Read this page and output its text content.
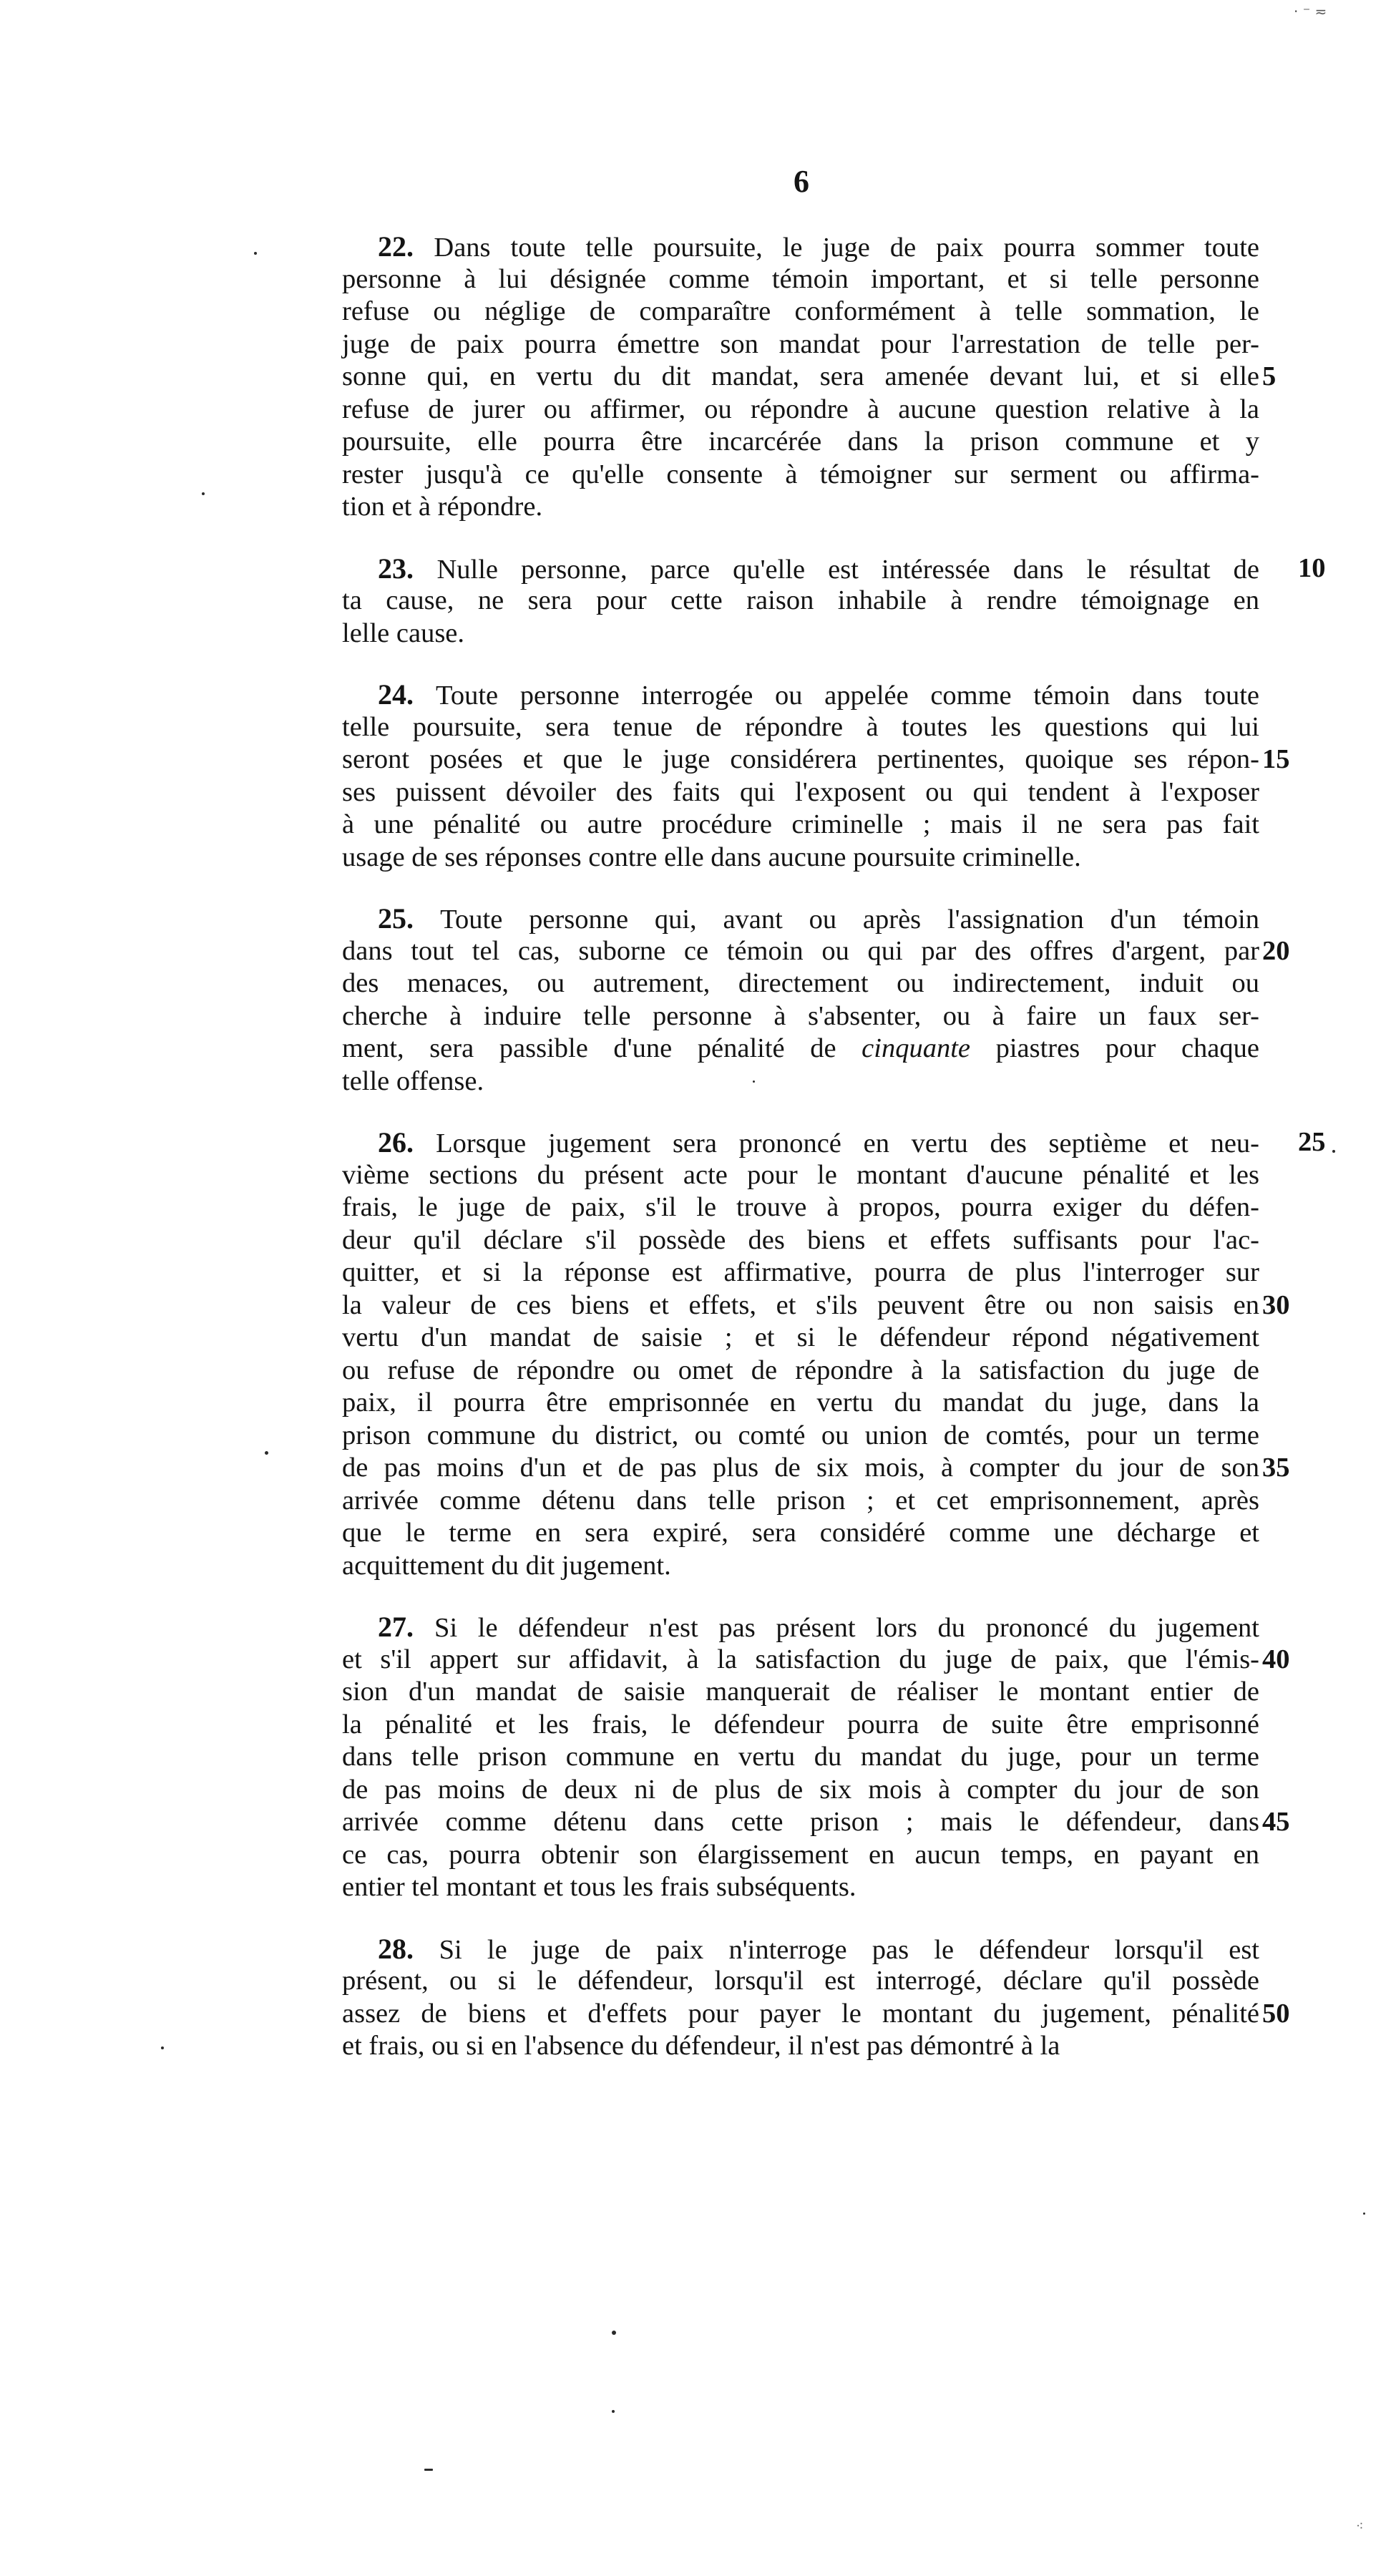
6
22. Dans toute telle poursuite, le juge de paix pourra sommer toute
personne à lui désignée comme témoin important, et si telle personne
refuse ou néglige de comparaître conformément à telle sommation, le
juge de paix pourra émettre son mandat pour l'arrestation de telle per-
sonne qui, en vertu du dit mandat, sera amenée devant lui, et si elle 5
refuse de jurer ou affirmer, ou répondre à aucune question relative à la
poursuite, elle pourra être incarcérée dans la prison commune et y
rester jusqu'à ce qu'elle consente à témoigner sur serment ou affirma-
tion et à répondre.
23. Nulle personne, parce qu'elle est intéressée dans le résultat de	10
ta cause, ne sera pour cette raison inhabile à rendre témoignage en
lelle cause.
24. Toute personne interrogée ou appelée comme témoin dans toute
telle poursuite, sera tenue de répondre à toutes les questions qui lui
seront posées et que le juge considérera pertinentes, quoique ses répon- 15
ses puissent dévoiler des faits qui l'exposent ou qui tendent à l'exposer
à une pénalité ou autre procédure criminelle ; mais il ne sera pas fait
usage de ses réponses contre elle dans aucune poursuite criminelle.
25. Toute personne qui, avant ou après l'assignation d'un témoin
dans tout tel cas, suborne ce témoin ou qui par des offres d'argent, par 20
des menaces, ou autrement, directement ou indirectement, induit ou
cherche à induire telle personne à s'absenter, ou à faire un faux ser-
ment, sera passible d'une pénalité de cinquante piastres pour chaque
telle offense.
26. Lorsque jugement sera prononcé en vertu des septième et neu-	25
vième sections du présent acte pour le montant d'aucune pénalité et les
frais, le juge de paix, s'il le trouve à propos, pourra exiger du défen-
deur qu'il déclare s'il possède des biens et effets suffisants pour l'ac-
quitter, et si la réponse est affirmative, pourra de plus l'interroger sur
la valeur de ces biens et effets, et s'ils peuvent être ou non saisis en 30
vertu d'un mandat de saisie ; et si le défendeur répond négativement
ou refuse de répondre ou omet de répondre à la satisfaction du juge de
paix, il pourra être emprisonnée en vertu du mandat du juge, dans la
prison commune du district, ou comté ou union de comtés, pour un terme
de pas moins d'un et de pas plus de six mois, à compter du jour de son 35
arrivée comme détenu dans telle prison ; et cet emprisonnement, après
que le terme en sera expiré, sera considéré comme une décharge et
acquittement du dit jugement.
27. Si le défendeur n'est pas présent lors du prononcé du jugement
et s'il appert sur affidavit, à la satisfaction du juge de paix, que l'émis- 40
sion d'un mandat de saisie manquerait de réaliser le montant entier de
la pénalité et les frais, le défendeur pourra de suite être emprisonné
dans telle prison commune en vertu du mandat du juge, pour un terme
de pas moins de deux ni de plus de six mois à compter du jour de son
arrivée comme détenu dans cette prison ; mais le défendeur, dans 45
ce cas, pourra obtenir son élargissement en aucun temps, en payant en
entier tel montant et tous les frais subséquents.
28. Si le juge de paix n'interroge pas le défendeur lorsqu'il est
présent, ou si le défendeur, lorsqu'il est interrogé, déclare qu'il possède
assez de biens et d'effets pour payer le montant du jugement, pénalité 50
et frais, ou si en l'absence du défendeur, il n'est pas démontré à la
· ⁻ ≂
⁖
